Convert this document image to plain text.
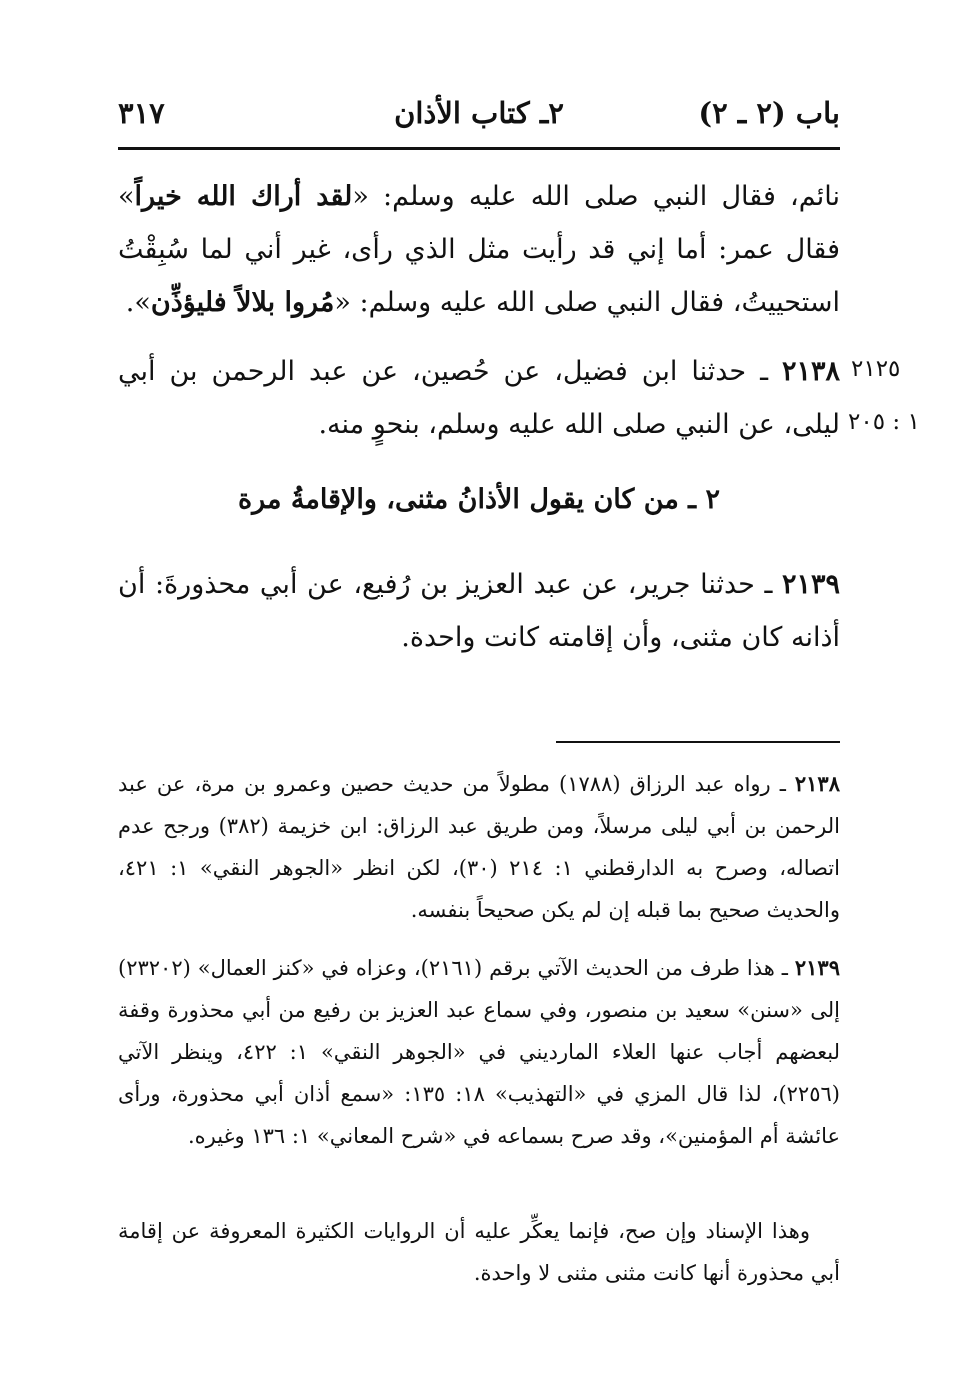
باب (٢ ـ ٢)
٢ـ كتاب الأذان
٣١٧
نائم، فقال النبي صلى الله عليه وسلم: «لقد أراك الله خيراً» فقال عمر: أما إني قد رأيت مثل الذي رأى، غير أني لما سُبِقْتُ استحييتُ، فقال النبي صلى الله عليه وسلم: «مُروا بلالاً فليؤذِّن».
٢١٢٥
١ : ٢٠٥
٢١٣٨ ـ حدثنا ابن فضيل، عن حُصين، عن عبد الرحمن بن أبي ليلى، عن النبي صلى الله عليه وسلم، بنحوٍ منه.
٢ ـ من كان يقول الأذانُ مثنى، والإقامةُ مرة
٢١٣٩ ـ حدثنا جرير، عن عبد العزيز بن رُفيع، عن أبي محذورةَ: أن أذانه كان مثنى، وأن إقامته كانت واحدة.
٢١٣٨ ـ رواه عبد الرزاق (١٧٨٨) مطولاً من حديث حصين وعمرو بن مرة، عن عبد الرحمن بن أبي ليلى مرسلاً، ومن طريق عبد الرزاق: ابن خزيمة (٣٨٢) ورجح عدم اتصاله، وصرح به الدارقطني ١: ٢١٤ (٣٠)، لكن انظر «الجوهر النقي» ١: ٤٢١، والحديث صحيح بما قبله إن لم يكن صحيحاً بنفسه.
٢١٣٩ ـ هذا طرف من الحديث الآتي برقم (٢١٦١)، وعزاه في «كنز العمال» (٢٣٢٠٢) إلى «سنن» سعيد بن منصور، وفي سماع عبد العزيز بن رفيع من أبي محذورة وقفة لبعضهم أجاب عنها العلاء المارديني في «الجوهر النقي» ١: ٤٢٢، وينظر الآتي (٢٢٥٦)، لذا قال المزي في «التهذيب» ١٨: ١٣٥: «سمع أذان أبي محذورة، ورأى عائشة أم المؤمنين»، وقد صرح بسماعه في «شرح المعاني» ١: ١٣٦ وغيره.
وهذا الإسناد وإن صح، فإنما يعكِّر عليه أن الروايات الكثيرة المعروفة عن إقامة أبي محذورة أنها كانت مثنى مثنى لا واحدة.
